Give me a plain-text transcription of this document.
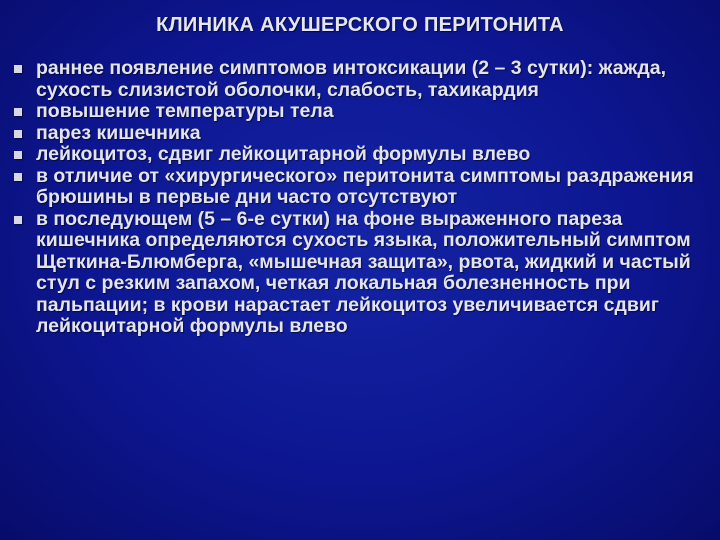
КЛИНИКА АКУШЕРСКОГО ПЕРИТОНИТА
раннее появление симптомов интоксикации (2 – 3 сутки): жажда, сухость слизистой оболочки, слабость, тахикардия
повышение температуры тела
парез кишечника
лейкоцитоз, сдвиг лейкоцитарной формулы влево
в отличие от «хирургического» перитонита симптомы раздражения брюшины в первые дни часто отсутствуют
в последующем (5 – 6-е сутки) на фоне выраженного пареза кишечника определяются сухость языка, положительный симптом Щеткина-Блюмберга, «мышечная защита», рвота, жидкий и частый стул с резким запахом, четкая локальная болезненность при пальпации; в крови нарастает лейкоцитоз увеличивается сдвиг лейкоцитарной формулы влево
